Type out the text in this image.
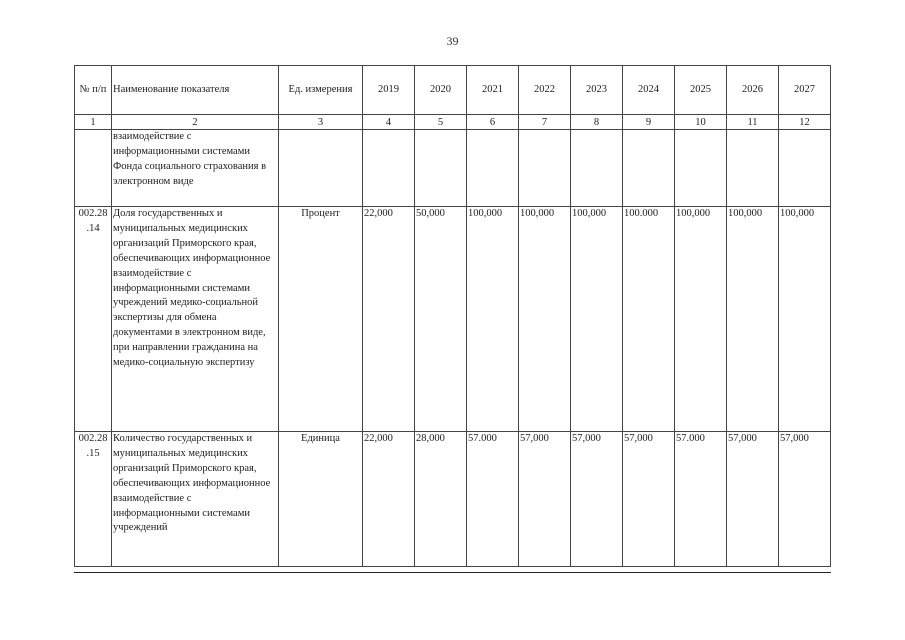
39
№ п/п	Наименование показателя	Ед. измерения	2019	2020	2021	2022	2023	2024	2025	2026	2027
1	2	3	4	5	6	7	8	9	10	11	12
	взаимодействие с информационными системами Фонда социального страхования в электронном виде										
002.28 .14	Доля государственных и муниципальных медицинских организаций Приморского края, обеспечивающих информационное взаимодействие с информационными системами учреждений медико-социальной экспертизы для обмена документами в электронном виде, при направлении гражданина на медико-социальную экспертизу	Процент	22,000	50,000	100,000	100,000	100,000	100.000	100,000	100,000	100,000
002.28 .15	Количество государственных и муниципальных медицинских организаций Приморского края, обеспечивающих информационное взаимодействие с информационными системами учреждений	Единица	22,000	28,000	57.000	57,000	57,000	57,000	57.000	57,000	57,000
